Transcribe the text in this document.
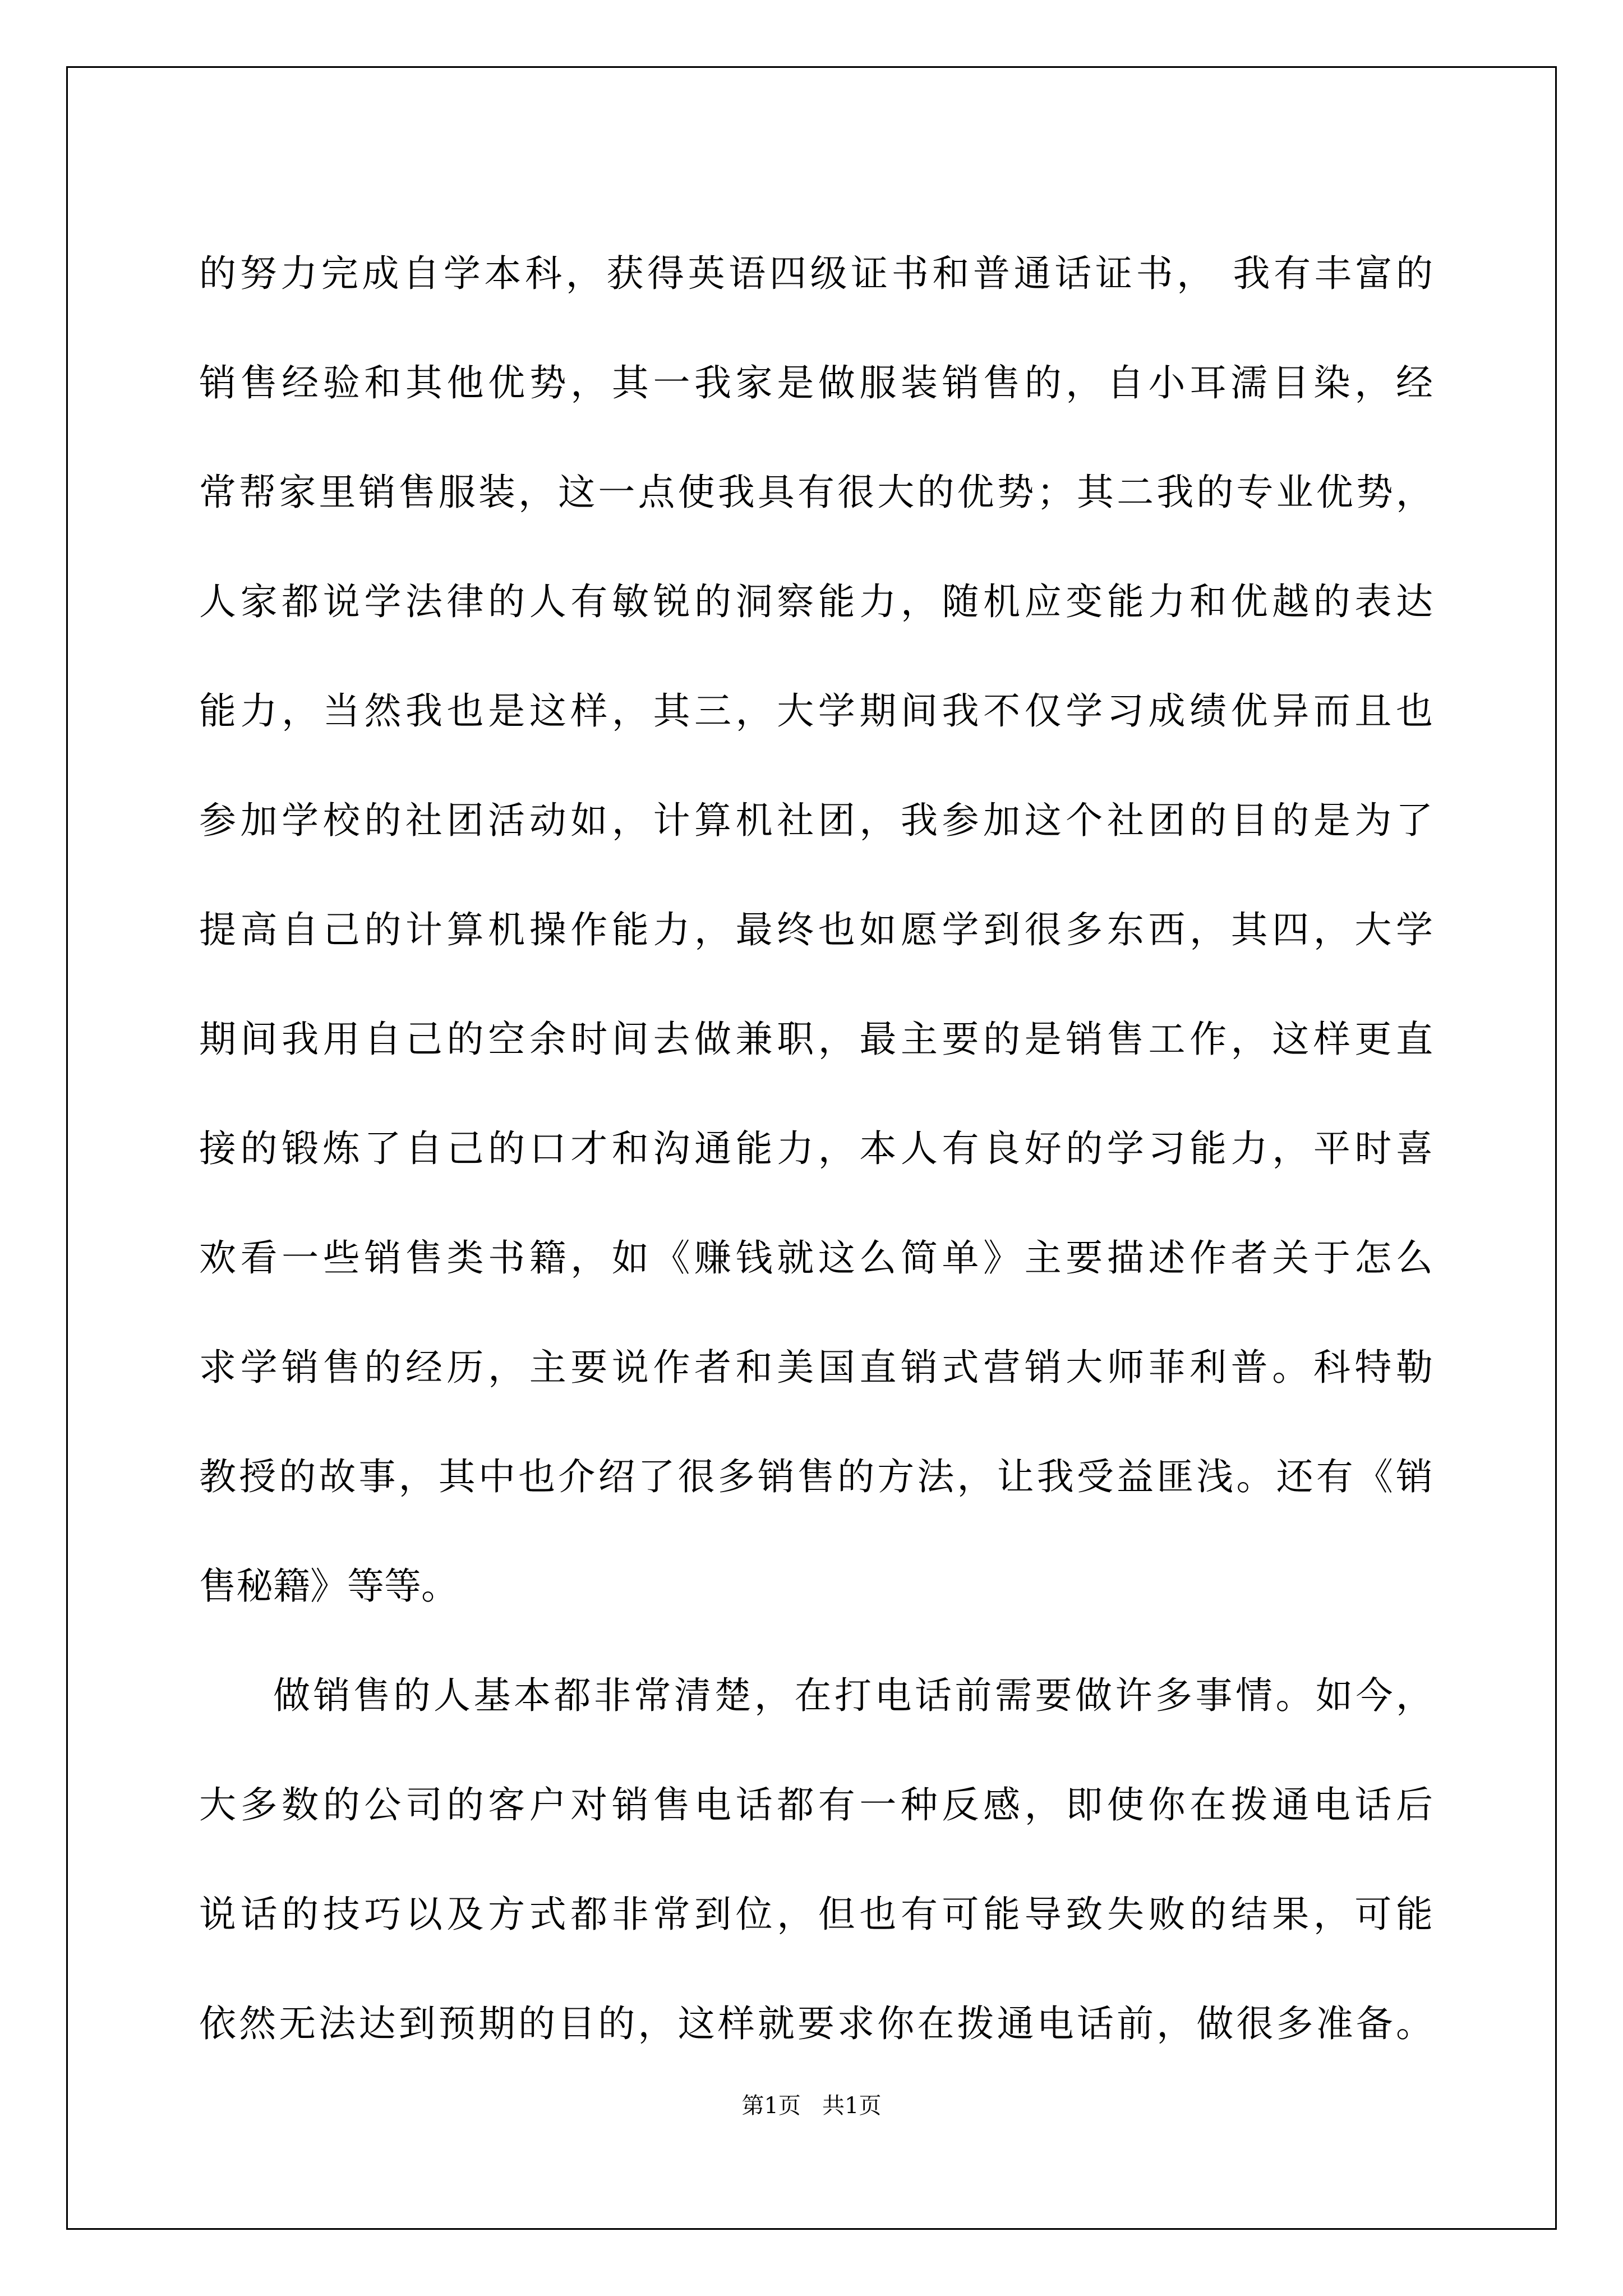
的努力完成自学本科，获得英语四级证书和普通话证书， 我有丰富的
销售经验和其他优势，其一我家是做服装销售的，自小耳濡目染，经
常帮家里销售服装，这一点使我具有很大的优势；其二我的专业优势，
人家都说学法律的人有敏锐的洞察能力，随机应变能力和优越的表达
能力，当然我也是这样，其三，大学期间我不仅学习成绩优异而且也
参加学校的社团活动如，计算机社团，我参加这个社团的目的是为了
提高自己的计算机操作能力，最终也如愿学到很多东西，其四，大学
期间我用自己的空余时间去做兼职，最主要的是销售工作，这样更直
接的锻炼了自己的口才和沟通能力，本人有良好的学习能力，平时喜
欢看一些销售类书籍，如《赚钱就这么简单》主要描述作者关于怎么
求学销售的经历，主要说作者和美国直销式营销大师菲利普。科特勒
教授的故事，其中也介绍了很多销售的方法，让我受益匪浅。还有《销
售秘籍》等等。
做销售的人基本都非常清楚，在打电话前需要做许多事情。如今，
大多数的公司的客户对销售电话都有一种反感，即使你在拨通电话后
说话的技巧以及方式都非常到位，但也有可能导致失败的结果，可能
依然无法达到预期的目的，这样就要求你在拨通电话前，做很多准备。
第1页   共1页
